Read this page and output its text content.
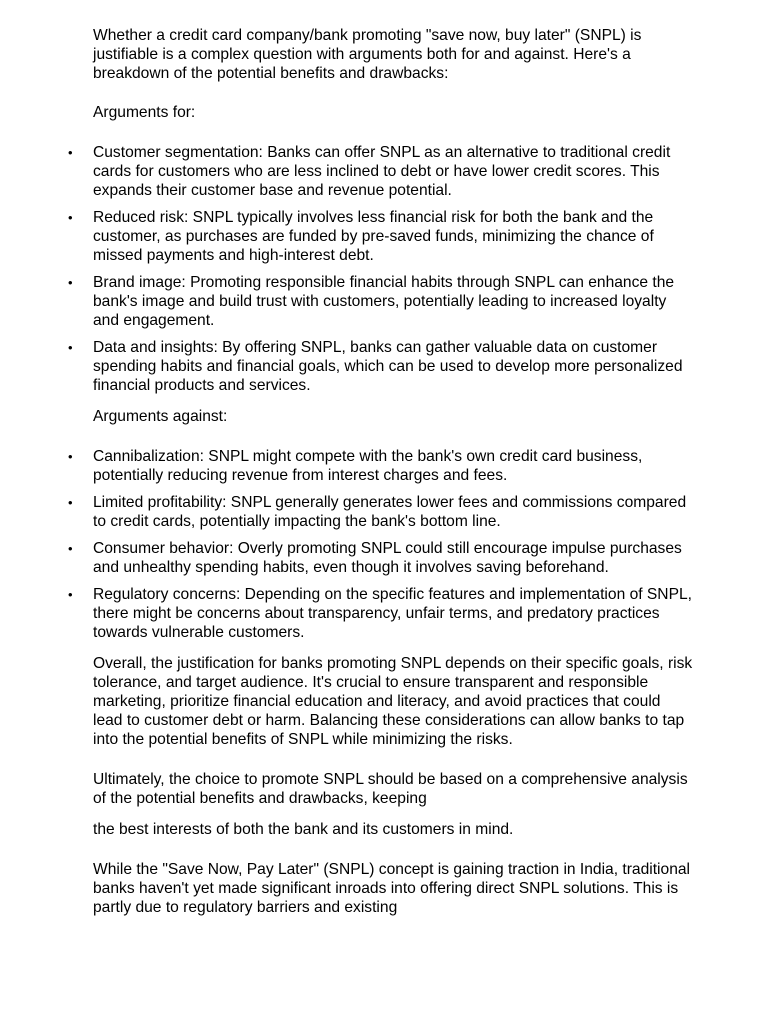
Whether a credit card company/bank promoting "save now, buy later" (SNPL) is justifiable is a complex question with arguments both for and against. Here's a breakdown of the potential benefits and drawbacks:

Arguments for:

• Customer segmentation: Banks can offer SNPL as an alternative to traditional credit cards for customers who are less inclined to debt or have lower credit scores. This expands their customer base and revenue potential.
• Reduced risk: SNPL typically involves less financial risk for both the bank and the customer, as purchases are funded by pre-saved funds, minimizing the chance of missed payments and high-interest debt.
• Brand image: Promoting responsible financial habits through SNPL can enhance the bank's image and build trust with customers, potentially leading to increased loyalty and engagement.
• Data and insights: By offering SNPL, banks can gather valuable data on customer spending habits and financial goals, which can be used to develop more personalized financial products and services.

Arguments against:

• Cannibalization: SNPL might compete with the bank's own credit card business, potentially reducing revenue from interest charges and fees.
• Limited profitability: SNPL generally generates lower fees and commissions compared to credit cards, potentially impacting the bank's bottom line.
• Consumer behavior: Overly promoting SNPL could still encourage impulse purchases and unhealthy spending habits, even though it involves saving beforehand.
• Regulatory concerns: Depending on the specific features and implementation of SNPL, there might be concerns about transparency, unfair terms, and predatory practices towards vulnerable customers.

Overall, the justification for banks promoting SNPL depends on their specific goals, risk tolerance, and target audience. It's crucial to ensure transparent and responsible marketing, prioritize financial education and literacy, and avoid practices that could lead to customer debt or harm. Balancing these considerations can allow banks to tap into the potential benefits of SNPL while minimizing the risks.

Ultimately, the choice to promote SNPL should be based on a comprehensive analysis of the potential benefits and drawbacks, keeping

the best interests of both the bank and its customers in mind.

While the "Save Now, Pay Later" (SNPL) concept is gaining traction in India, traditional banks haven't yet made significant inroads into offering direct SNPL solutions. This is partly due to regulatory barriers and existing
